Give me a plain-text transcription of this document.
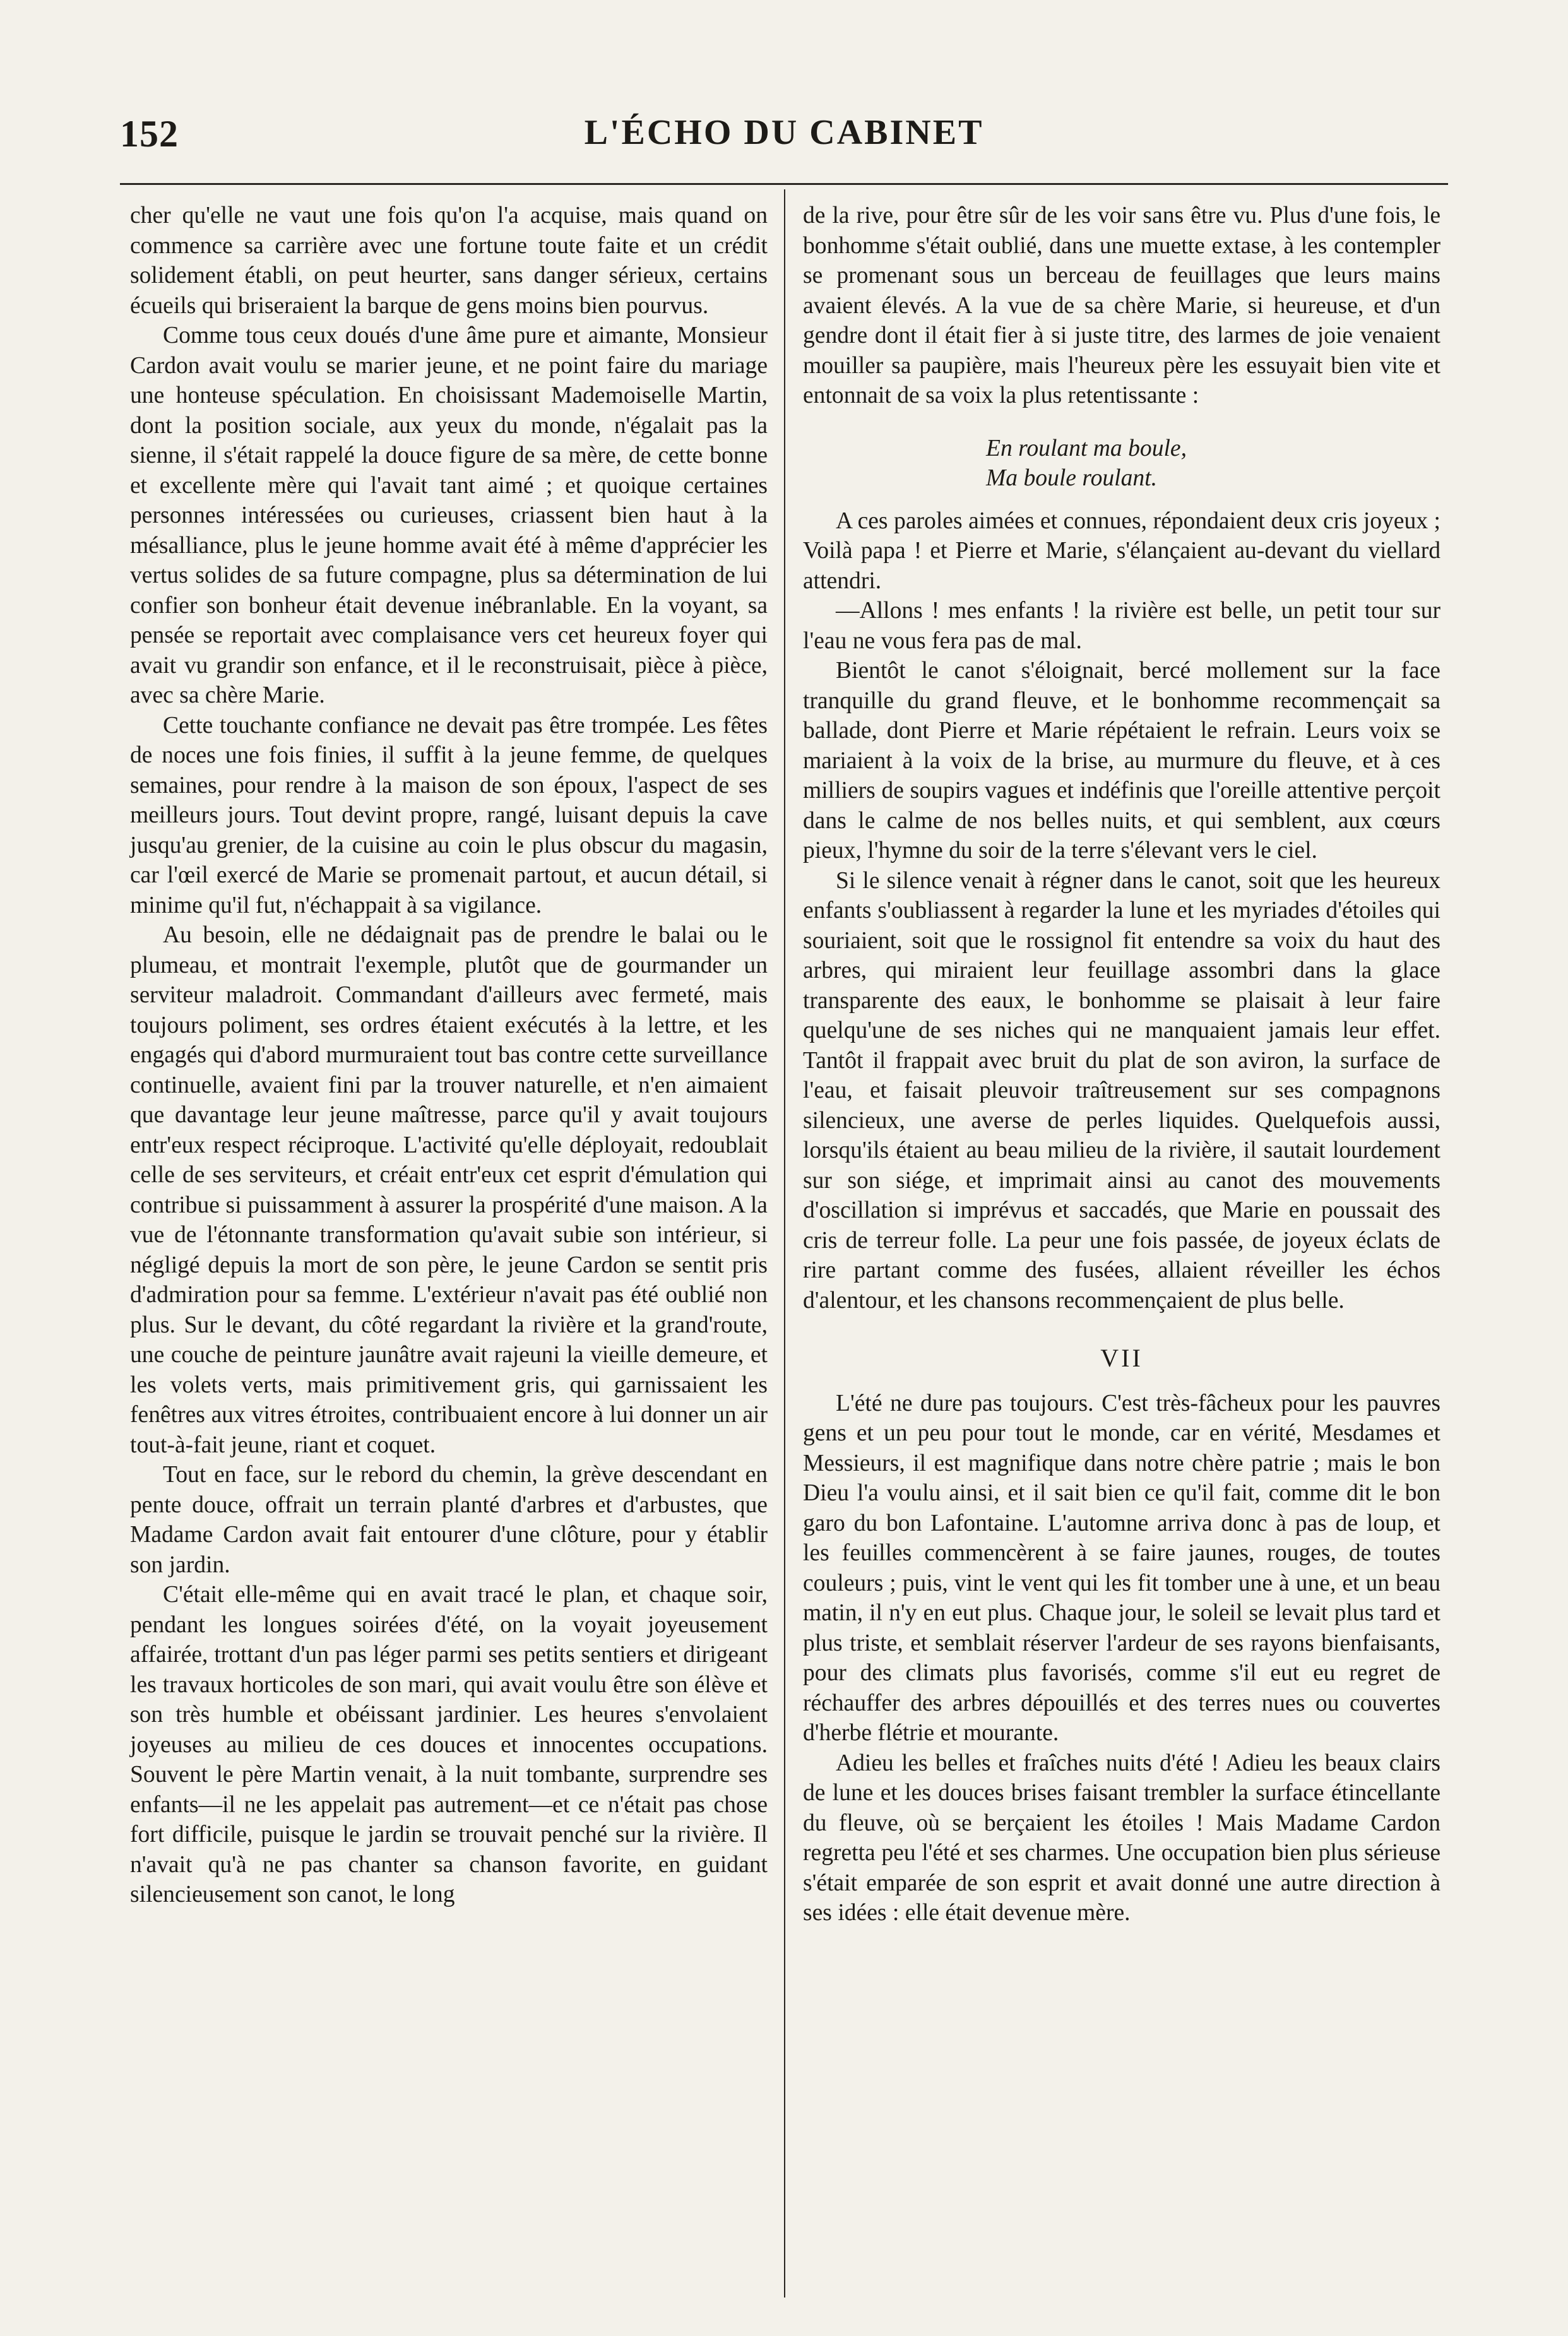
152	L'ÉCHO DU CABINET

cher qu'elle ne vaut une fois qu'on l'a acquise, mais quand on commence sa carrière avec une fortune toute faite et un crédit solidement établi, on peut heurter, sans danger sérieux, certains écueils qui briseraient la barque de gens moins bien pourvus.

Comme tous ceux doués d'une âme pure et aimante, Monsieur Cardon avait voulu se marier jeune, et ne point faire du mariage une honteuse spéculation. En choisissant Mademoiselle Martin, dont la position sociale, aux yeux du monde, n'égalait pas la sienne, il s'était rappelé la douce figure de sa mère, de cette bonne et excellente mère qui l'avait tant aimé ; et quoique certaines personnes intéressées ou curieuses, criassent bien haut à la mésalliance, plus le jeune homme avait été à même d'apprécier les vertus solides de sa future compagne, plus sa détermination de lui confier son bonheur était devenue inébranlable. En la voyant, sa pensée se reportait avec complaisance vers cet heureux foyer qui avait vu grandir son enfance, et il le reconstruisait, pièce à pièce, avec sa chère Marie.

Cette touchante confiance ne devait pas être trompée. Les fêtes de noces une fois finies, il suffit à la jeune femme, de quelques semaines, pour rendre à la maison de son époux, l'aspect de ses meilleurs jours. Tout devint propre, rangé, luisant depuis la cave jusqu'au grenier, de la cuisine au coin le plus obscur du magasin, car l'œil exercé de Marie se promenait partout, et aucun détail, si minime qu'il fut, n'échappait à sa vigilance.

Au besoin, elle ne dédaignait pas de prendre le balai ou le plumeau, et montrait l'exemple, plutôt que de gourmander un serviteur maladroit. Commandant d'ailleurs avec fermeté, mais toujours poliment, ses ordres étaient exécutés à la lettre, et les engagés qui d'abord murmuraient tout bas contre cette surveillance continuelle, avaient fini par la trouver naturelle, et n'en aimaient que davantage leur jeune maîtresse, parce qu'il y avait toujours entr'eux respect réciproque. L'activité qu'elle déployait, redoublait celle de ses serviteurs, et créait entr'eux cet esprit d'émulation qui contribue si puissamment à assurer la prospérité d'une maison. A la vue de l'étonnante transformation qu'avait subie son intérieur, si négligé depuis la mort de son père, le jeune Cardon se sentit pris d'admiration pour sa femme. L'extérieur n'avait pas été oublié non plus. Sur le devant, du côté regardant la rivière et la grand'route, une couche de peinture jaunâtre avait rajeuni la vieille demeure, et les volets verts, mais primitivement gris, qui garnissaient les fenêtres aux vitres étroites, contribuaient encore à lui donner un air tout-à-fait jeune, riant et coquet.

Tout en face, sur le rebord du chemin, la grève descendant en pente douce, offrait un terrain planté d'arbres et d'arbustes, que Madame Cardon avait fait entourer d'une clôture, pour y établir son jardin.

C'était elle-même qui en avait tracé le plan, et chaque soir, pendant les longues soirées d'été, on la voyait joyeusement affairée, trottant d'un pas léger parmi ses petits sentiers et dirigeant les travaux horticoles de son mari, qui avait voulu être son élève et son très humble et obéissant jardinier. Les heures s'envolaient joyeuses au milieu de ces douces et innocentes occupations. Souvent le père Martin venait, à la nuit tombante, surprendre ses enfants—il ne les appelait pas autrement—et ce n'était pas chose fort difficile, puisque le jardin se trouvait penché sur la rivière. Il n'avait qu'à ne pas chanter sa chanson favorite, en guidant silencieusement son canot, le long

de la rive, pour être sûr de les voir sans être vu. Plus d'une fois, le bonhomme s'était oublié, dans une muette extase, à les contempler se promenant sous un berceau de feuillages que leurs mains avaient élevés. A la vue de sa chère Marie, si heureuse, et d'un gendre dont il était fier à si juste titre, des larmes de joie venaient mouiller sa paupière, mais l'heureux père les essuyait bien vite et entonnait de sa voix la plus retentissante :

En roulant ma boule,
Ma boule roulant.

A ces paroles aimées et connues, répondaient deux cris joyeux ; Voilà papa ! et Pierre et Marie, s'élançaient au-devant du viellard attendri.

—Allons ! mes enfants ! la rivière est belle, un petit tour sur l'eau ne vous fera pas de mal.

Bientôt le canot s'éloignait, bercé mollement sur la face tranquille du grand fleuve, et le bonhomme recommençait sa ballade, dont Pierre et Marie répétaient le refrain. Leurs voix se mariaient à la voix de la brise, au murmure du fleuve, et à ces milliers de soupirs vagues et indéfinis que l'oreille attentive perçoit dans le calme de nos belles nuits, et qui semblent, aux cœurs pieux, l'hymne du soir de la terre s'élevant vers le ciel.

Si le silence venait à régner dans le canot, soit que les heureux enfants s'oubliassent à regarder la lune et les myriades d'étoiles qui souriaient, soit que le rossignol fit entendre sa voix du haut des arbres, qui miraient leur feuillage assombri dans la glace transparente des eaux, le bonhomme se plaisait à leur faire quelqu'une de ses niches qui ne manquaient jamais leur effet. Tantôt il frappait avec bruit du plat de son aviron, la surface de l'eau, et faisait pleuvoir traîtreusement sur ses compagnons silencieux, une averse de perles liquides. Quelquefois aussi, lorsqu'ils étaient au beau milieu de la rivière, il sautait lourdement sur son siége, et imprimait ainsi au canot des mouvements d'oscillation si imprévus et saccadés, que Marie en poussait des cris de terreur folle. La peur une fois passée, de joyeux éclats de rire partant comme des fusées, allaient réveiller les échos d'alentour, et les chansons recommençaient de plus belle.

VII

L'été ne dure pas toujours. C'est très-fâcheux pour les pauvres gens et un peu pour tout le monde, car en vérité, Mesdames et Messieurs, il est magnifique dans notre chère patrie ; mais le bon Dieu l'a voulu ainsi, et il sait bien ce qu'il fait, comme dit le bon garo du bon Lafontaine. L'automne arriva donc à pas de loup, et les feuilles commencèrent à se faire jaunes, rouges, de toutes couleurs ; puis, vint le vent qui les fit tomber une à une, et un beau matin, il n'y en eut plus. Chaque jour, le soleil se levait plus tard et plus triste, et semblait réserver l'ardeur de ses rayons bienfaisants, pour des climats plus favorisés, comme s'il eut eu regret de réchauffer des arbres dépouillés et des terres nues ou couvertes d'herbe flétrie et mourante.

Adieu les belles et fraîches nuits d'été ! Adieu les beaux clairs de lune et les douces brises faisant trembler la surface étincellante du fleuve, où se berçaient les étoiles ! Mais Madame Cardon regretta peu l'été et ses charmes. Une occupation bien plus sérieuse s'était emparée de son esprit et avait donné une autre direction à ses idées : elle était devenue mère.
